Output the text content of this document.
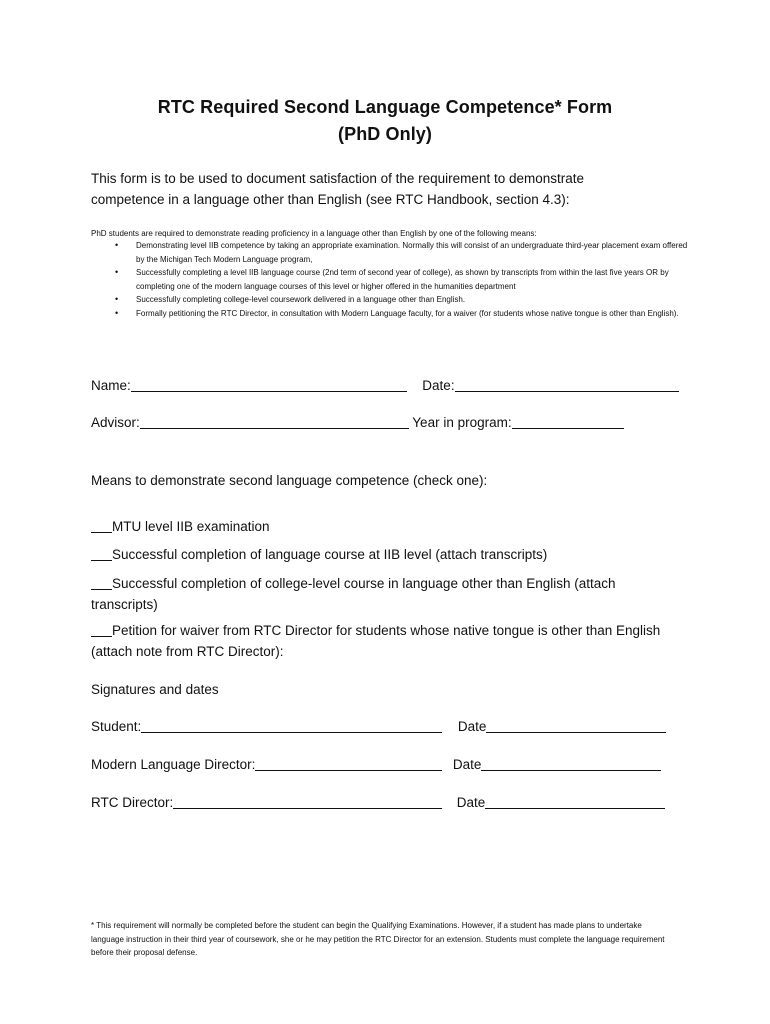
RTC Required Second Language Competence* Form
(PhD Only)
This form is to be used to document satisfaction of the requirement to demonstrate competence in a language other than English (see RTC Handbook, section 4.3):
PhD students are required to demonstrate reading proficiency in a language other than English by one of the following means:
• Demonstrating level IIB competence by taking an appropriate examination. Normally this will consist of an undergraduate third-year placement exam offered by the Michigan Tech Modern Language program,
• Successfully completing a level IIB language course (2nd term of second year of college), as shown by transcripts from within the last five years OR by completing one of the modern language courses of this level or higher offered in the humanities department
• Successfully completing college-level coursework delivered in a language other than English.
• Formally petitioning the RTC Director, in consultation with Modern Language faculty, for a waiver (for students whose native tongue is other than English).
Name:	Date:
Advisor:	Year in program:
Means to demonstrate second language competence (check one):
MTU level IIB examination
Successful completion of language course at IIB level (attach transcripts)
Successful completion of college-level course in language other than English (attach transcripts)
Petition for waiver from RTC Director for students whose native tongue is other than English (attach note from RTC Director):
Signatures and dates
Student:	Date
Modern Language Director:	Date
RTC Director:	Date
* This requirement will normally be completed before the student can begin the Qualifying Examinations. However, if a student has made plans to undertake language instruction in their third year of coursework, she or he may petition the RTC Director for an extension. Students must complete the language requirement before their proposal defense.
